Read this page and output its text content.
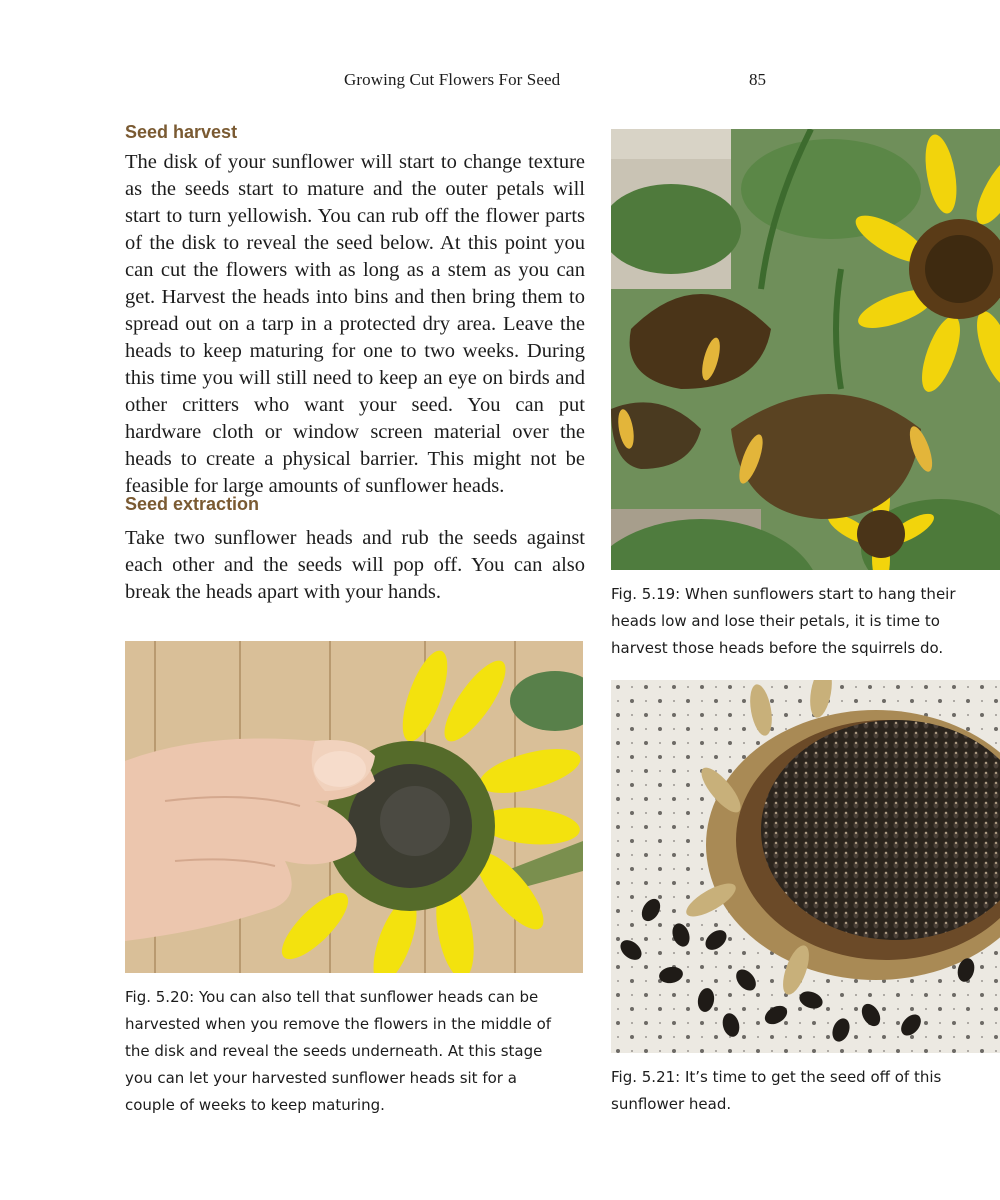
Growing Cut Flowers For Seed	85
Seed harvest

The disk of your sunflower will start to change texture as the seeds start to mature and the outer petals will start to turn yellowish. You can rub off the flower parts of the disk to reveal the seed below. At this point you can cut the flowers with as long as a stem as you can get. Harvest the heads into bins and then bring them to spread out on a tarp in a protected dry area. Leave the heads to keep maturing for one to two weeks. During this time you will still need to keep an eye on birds and other critters who want your seed. You can put hardware cloth or window screen material over the heads to create a physical barrier. This might not be feasible for large amounts of sunflower heads.

Seed extraction

Take two sunflower heads and rub the seeds against each other and the seeds will pop off. You can also break the heads apart with your hands.	Fig. 5.19: When sunflowers start to hang their heads low and lose their petals, it is time to harvest those heads before the squirrels do.
Fig. 5.20: You can also tell that sunflower heads can be harvested when you remove the flowers in the middle of the disk and reveal the seeds underneath. At this stage you can let your harvested sunflower heads sit for a couple of weeks to keep maturing.
Fig. 5.21: It’s time to get the seed off of this sunflower head.
